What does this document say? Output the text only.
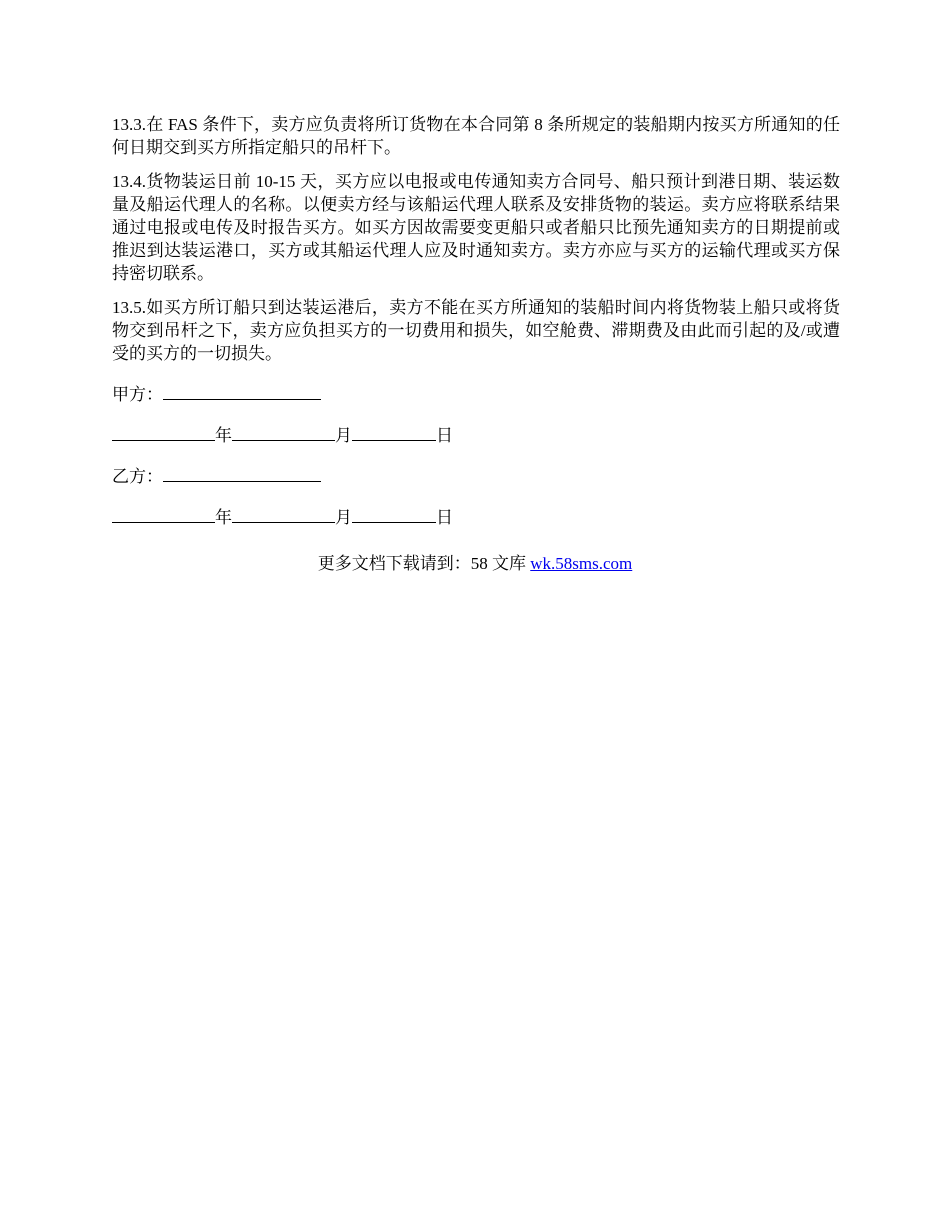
13.3.在 FAS 条件下，卖方应负责将所订货物在本合同第 8 条所规定的装船期内按买方所通知的任何日期交到买方所指定船只的吊杆下。

13.4.货物装运日前 10-15 天，买方应以电报或电传通知卖方合同号、船只预计到港日期、装运数量及船运代理人的名称。以便卖方经与该船运代理人联系及安排货物的装运。卖方应将联系结果通过电报或电传及时报告买方。如买方因故需要变更船只或者船只比预先通知卖方的日期提前或推迟到达装运港口，买方或其船运代理人应及时通知卖方。卖方亦应与买方的运输代理或买方保持密切联系。

13.5.如买方所订船只到达装运港后，卖方不能在买方所通知的装船时间内将货物装上船只或将货物交到吊杆之下，卖方应负担买方的一切费用和损失，如空舱费、滞期费及由此而引起的及/或遭受的买方的一切损失。

甲方：
年	月	日
乙方：
年	月	日
更多文档下载请到：58 文库 wk.58sms.com
